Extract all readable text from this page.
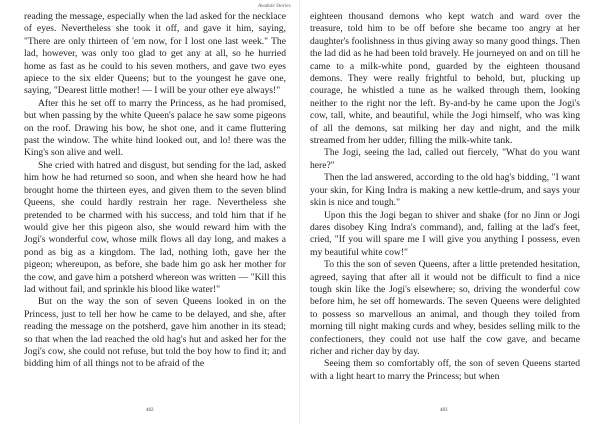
Avadale Stories

reading the message, especially when the lad asked for the necklace of eyes. Nevertheless she took it off, and gave it him, saying, "There are only thirteen of 'em now, for I lost one last week." The lad, however, was only too glad to get any at all, so he hurried home as fast as he could to his seven mothers, and gave two eyes apiece to the six elder Queens; but to the youngest he gave one, saying, "Dearest little mother! — I will be your other eye always!"

After this he set off to marry the Princess, as he had promised, but when passing by the white Queen's palace he saw some pigeons on the roof. Drawing his bow, he shot one, and it came fluttering past the window. The white hind looked out, and lo! there was the King's son alive and well.

She cried with hatred and disgust, but sending for the lad, asked him how he had returned so soon, and when she heard how he had brought home the thirteen eyes, and given them to the seven blind Queens, she could hardly restrain her rage. Nevertheless she pretended to be charmed with his success, and told him that if he would give her this pigeon also, she would reward him with the Jogi's wonderful cow, whose milk flows all day long, and makes a pond as big as a kingdom. The lad, nothing loth, gave her the pigeon; whereupon, as before, she bade him go ask her mother for the cow, and gave him a potsherd whereon was written — "Kill this lad without fail, and sprinkle his blood like water!"

But on the way the son of seven Queens looked in on the Princess, just to tell her how he came to be delayed, and she, after reading the message on the potsherd, gave him another in its stead; so that when the lad reached the old hag's hut and asked her for the Jogi's cow, she could not refuse, but told the boy how to find it; and bidding him of all things not to be afraid of the

482

eighteen thousand demons who kept watch and ward over the treasure, told him to be off before she became too angry at her daughter's foolishness in thus giving away so many good things. Then the lad did as he had been told bravely. He journeyed on and on till he came to a milk-white pond, guarded by the eighteen thousand demons. They were really frightful to behold, but, plucking up courage, he whistled a tune as he walked through them, looking neither to the right nor the left. By-and-by he came upon the Jogi's cow, tall, white, and beautiful, while the Jogi himself, who was king of all the demons, sat milking her day and night, and the milk streamed from her udder, filling the milk-white tank.

The Jogi, seeing the lad, called out fiercely, "What do you want here?"

Then the lad answered, according to the old hag's bidding, "I want your skin, for King Indra is making a new kettle-drum, and says your skin is nice and tough."

Upon this the Jogi began to shiver and shake (for no Jinn or Jogi dares disobey King Indra's command), and, falling at the lad's feet, cried, "If you will spare me I will give you anything I possess, even my beautiful white cow!"

To this the son of seven Queens, after a little pretended hesitation, agreed, saying that after all it would not be difficult to find a nice tough skin like the Jogi's elsewhere; so, driving the wonderful cow before him, he set off homewards. The seven Queens were delighted to possess so marvellous an animal, and though they toiled from morning till night making curds and whey, besides selling milk to the confectioners, they could not use half the cow gave, and became richer and richer day by day.

Seeing them so comfortably off, the son of seven Queens started with a light heart to marry the Princess; but when

483
